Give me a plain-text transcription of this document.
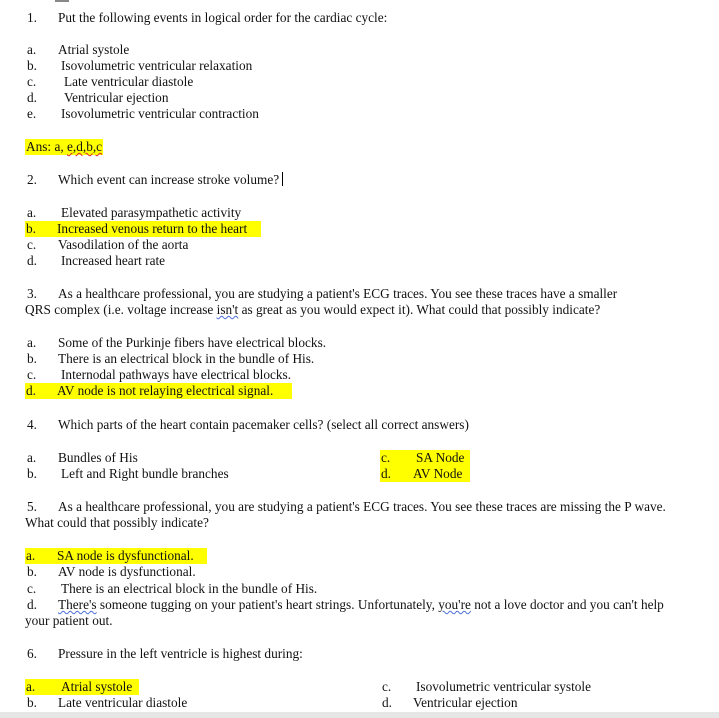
1. Put the following events in logical order for the cardiac cycle:
a. Atrial systole
b. Isovolumetric ventricular relaxation
c. Late ventricular diastole
d. Ventricular ejection
e. Isovolumetric ventricular contraction
Ans: a, e,d,b,c
2. Which event can increase stroke volume?
a. Elevated parasympathetic activity
b. Increased venous return to the heart
c. Vasodilation of the aorta
d. Increased heart rate
3. As a healthcare professional, you are studying a patient's ECG traces. You see these traces have a smaller
QRS complex (i.e. voltage increase isn't as great as you would expect it). What could that possibly indicate?
a. Some of the Purkinje fibers have electrical blocks.
b. There is an electrical block in the bundle of His.
c. Internodal pathways have electrical blocks.
d. AV node is not relaying electrical signal.
4. Which parts of the heart contain pacemaker cells? (select all correct answers)
a. Bundles of His
b. Left and Right bundle branches
c. SA Node
d. AV Node
5. As a healthcare professional, you are studying a patient's ECG traces. You see these traces are missing the P wave.
What could that possibly indicate?
a. SA node is dysfunctional.
b. AV node is dysfunctional.
c. There is an electrical block in the bundle of His.
d. There's someone tugging on your patient's heart strings. Unfortunately, you're not a love doctor and you can't help
your patient out.
6. Pressure in the left ventricle is highest during:
a. Atrial systole
b. Late ventricular diastole
c. Isovolumetric ventricular systole
d. Ventricular ejection
